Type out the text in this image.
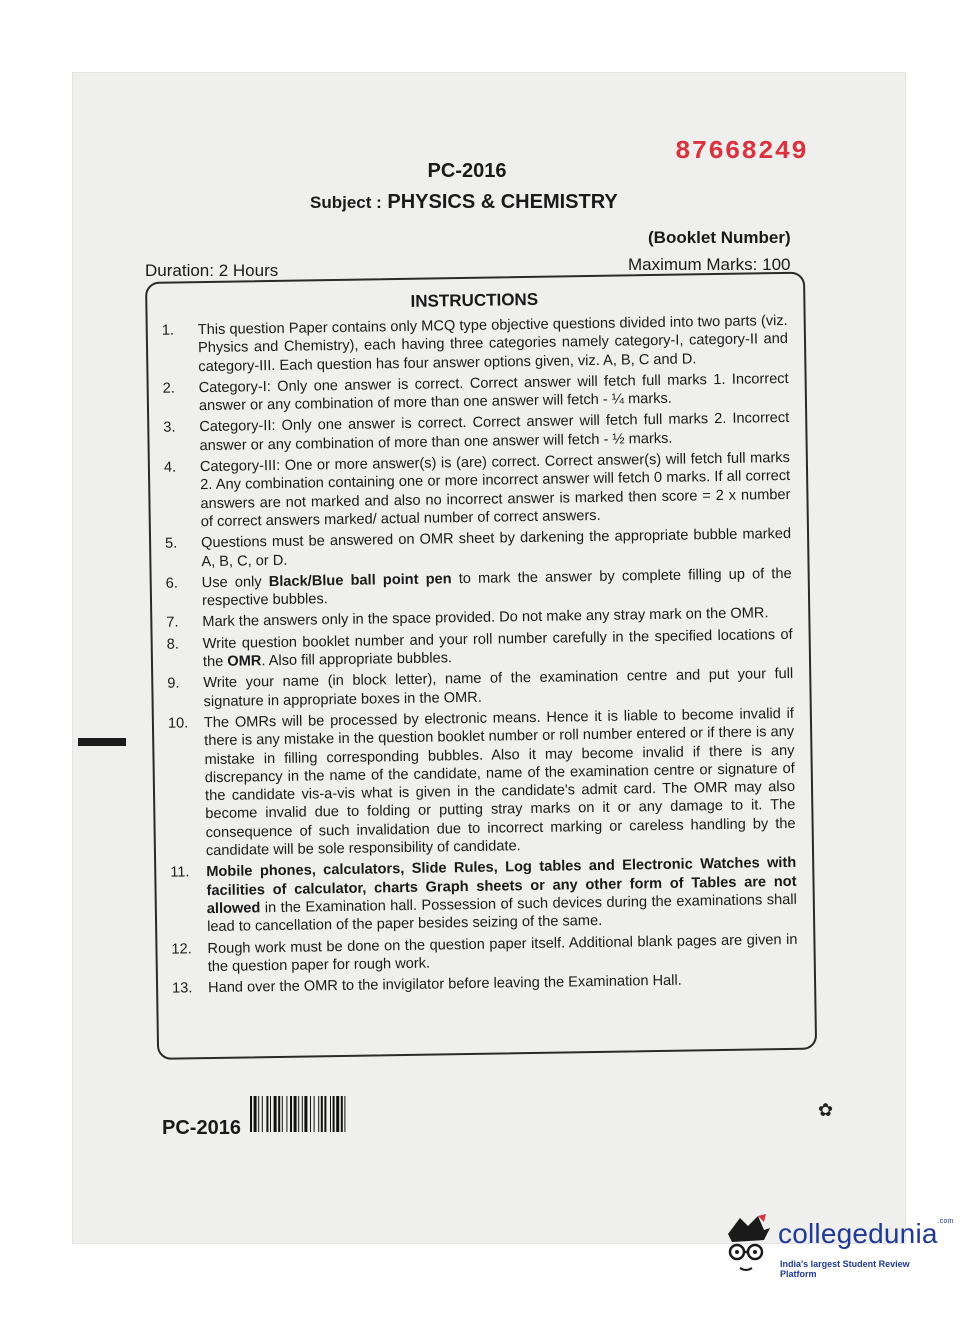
87668249
PC-2016
Subject : PHYSICS & CHEMISTRY
(Booklet Number)
Duration: 2 Hours	Maximum Marks: 100
INSTRUCTIONS
1. This question Paper contains only MCQ type objective questions divided into two parts (viz. Physics and Chemistry), each having three categories namely category-I, category-II and category-III. Each question has four answer options given, viz. A, B, C and D.
2. Category-I: Only one answer is correct. Correct answer will fetch full marks 1. Incorrect answer or any combination of more than one answer will fetch - ¼ marks.
3. Category-II: Only one answer is correct. Correct answer will fetch full marks 2. Incorrect answer or any combination of more than one answer will fetch - ½ marks.
4. Category-III: One or more answer(s) is (are) correct. Correct answer(s) will fetch full marks 2. Any combination containing one or more incorrect answer will fetch 0 marks. If all correct answers are not marked and also no incorrect answer is marked then score = 2 x number of correct answers marked/ actual number of correct answers.
5. Questions must be answered on OMR sheet by darkening the appropriate bubble marked A, B, C, or D.
6. Use only Black/Blue ball point pen to mark the answer by complete filling up of the respective bubbles.
7. Mark the answers only in the space provided. Do not make any stray mark on the OMR.
8. Write question booklet number and your roll number carefully in the specified locations of the OMR. Also fill appropriate bubbles.
9. Write your name (in block letter), name of the examination centre and put your full signature in appropriate boxes in the OMR.
10. The OMRs will be processed by electronic means. Hence it is liable to become invalid if there is any mistake in the question booklet number or roll number entered or if there is any mistake in filling corresponding bubbles. Also it may become invalid if there is any discrepancy in the name of the candidate, name of the examination centre or signature of the candidate vis-a-vis what is given in the candidate's admit card. The OMR may also become invalid due to folding or putting stray marks on it or any damage to it. The consequence of such invalidation due to incorrect marking or careless handling by the candidate will be sole responsibility of candidate.
11. Mobile phones, calculators, Slide Rules, Log tables and Electronic Watches with facilities of calculator, charts Graph sheets or any other form of Tables are not allowed in the Examination hall. Possession of such devices during the examinations shall lead to cancellation of the paper besides seizing of the same.
12. Rough work must be done on the question paper itself. Additional blank pages are given in the question paper for rough work.
13. Hand over the OMR to the invigilator before leaving the Examination Hall.
PC-2016
✿
collegedunia$^{.com}$
India's largest Student Review Platform
